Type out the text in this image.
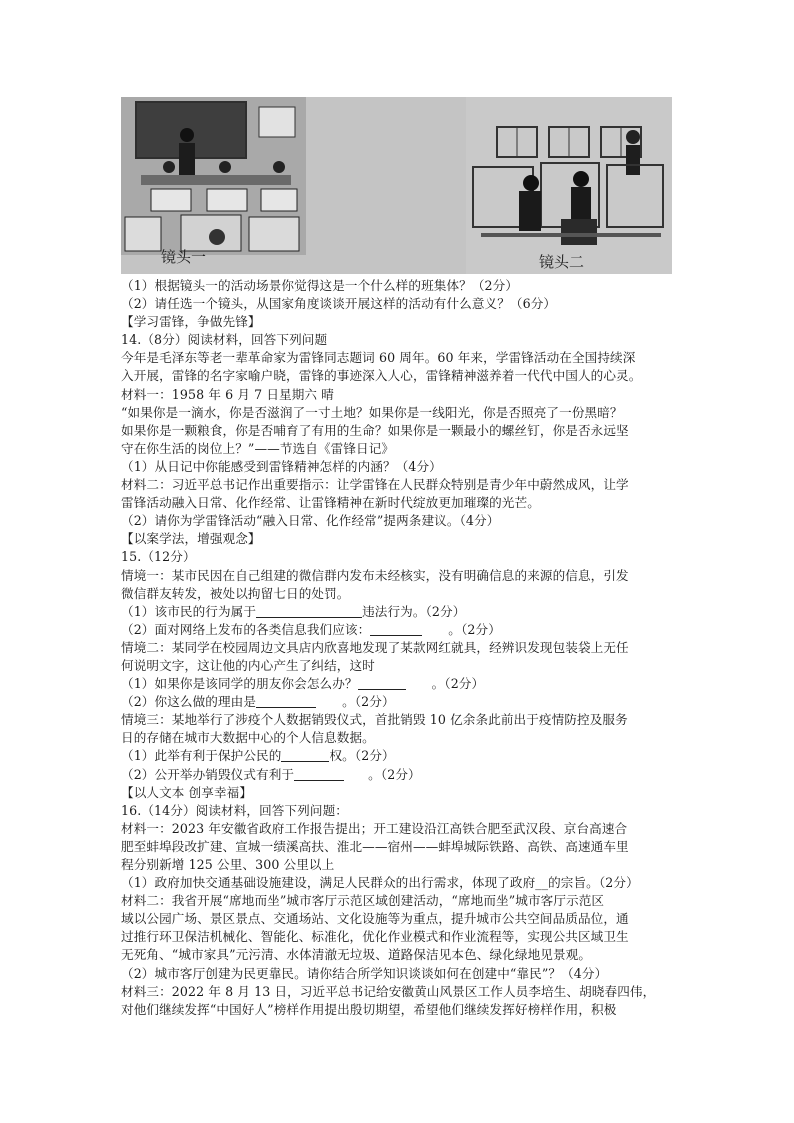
镜头一	镜头二
（1）根据镜头一的活动场景你觉得这是一个什么样的班集体？（2分）
（2）请任选一个镜头，从国家角度谈谈开展这样的活动有什么意义？（6分）
【学习雷锋，争做先锋】
14.（8分）阅读材料，回答下列问题
今年是毛泽东等老一辈革命家为雷锋同志题词 60 周年。60 年来，学雷锋活动在全国持续深
入开展，雷锋的名字家喻户晓，雷锋的事迹深入人心，雷锋精神滋养着一代代中国人的心灵。
材料一：1958 年 6 月 7 日星期六 晴
“如果你是一滴水，你是否滋润了一寸土地？如果你是一线阳光，你是否照亮了一份黑暗？
如果你是一颗粮食，你是否哺育了有用的生命？如果你是一颗最小的螺丝钉，你是否永远坚
守在你生活的岗位上？”——节选自《雷锋日记》
（1）从日记中你能感受到雷锋精神怎样的内涵？（4分）
材料二：习近平总书记作出重要指示：让学雷锋在人民群众特别是青少年中蔚然成风，让学
雷锋活动融入日常、化作经常、让雷锋精神在新时代绽放更加璀璨的光芒。
（2）请你为学雷锋活动“融入日常、化作经常”提两条建议。（4分）
【以案学法，增强观念】
15.（12分）
情境一：某市民因在自己组建的微信群内发布未经核实，没有明确信息的来源的信息，引发
微信群友转发，被处以拘留七日的处罚。
（1）该市民的行为属于	违法行为。（2分）
（2）面对网络上发布的各类信息我们应该：	。（2分）
情境二：某同学在校园周边文具店内欣喜地发现了某款网红就具，经辨识发现包装袋上无任
何说明文字，这让他的内心产生了纠结，这时
（1）如果你是该同学的朋友你会怎么办？	。（2分）
（2）你这么做的理由是	。（2分）
情境三：某地举行了涉疫个人数据销毁仪式，首批销毁 10 亿余条此前出于疫情防控及服务
日的存储在城市大数据中心的个人信息数据。
（1）此举有利于保护公民的	权。（2分）
（2）公开举办销毁仪式有利于	。（2分）
【以人文本 创享幸福】
16.（14分）阅读材料，回答下列问题：
材料一：2023 年安徽省政府工作报告提出；开工建设沿江高铁合肥至武汉段、京台高速合
肥至蚌埠段改扩建、宣城一绩溪高扶、淮北——宿州——蚌埠城际铁路、高铁、高速通车里
程分别新增 125 公里、300 公里以上
（1）政府加快交通基础设施建设，满足人民群众的出行需求，体现了政府__的宗旨。（2分）
材料二：我省开展“席地而坐”城市客厅示范区域创建活动，“席地而坐”城市客厅示范区
域以公园广场、景区景点、交通场站、文化设施等为重点，提升城市公共空间品质品位，通
过推行环卫保洁机械化、智能化、标准化，优化作业模式和作业流程等，实现公共区域卫生
无死角、“城市家具”元污清、水体清澈无垃圾、道路保洁见本色、绿化绿地见景观。
（2）城市客厅创建为民更靠民。请你结合所学知识谈谈如何在创建中“靠民”？（4分）
材料三：2022 年 8 月 13 日，习近平总书记给安徽黄山风景区工作人员李培生、胡晓春四伟，
对他们继续发挥“中国好人”榜样作用提出殷切期望，希望他们继续发挥好榜样作用，积极
